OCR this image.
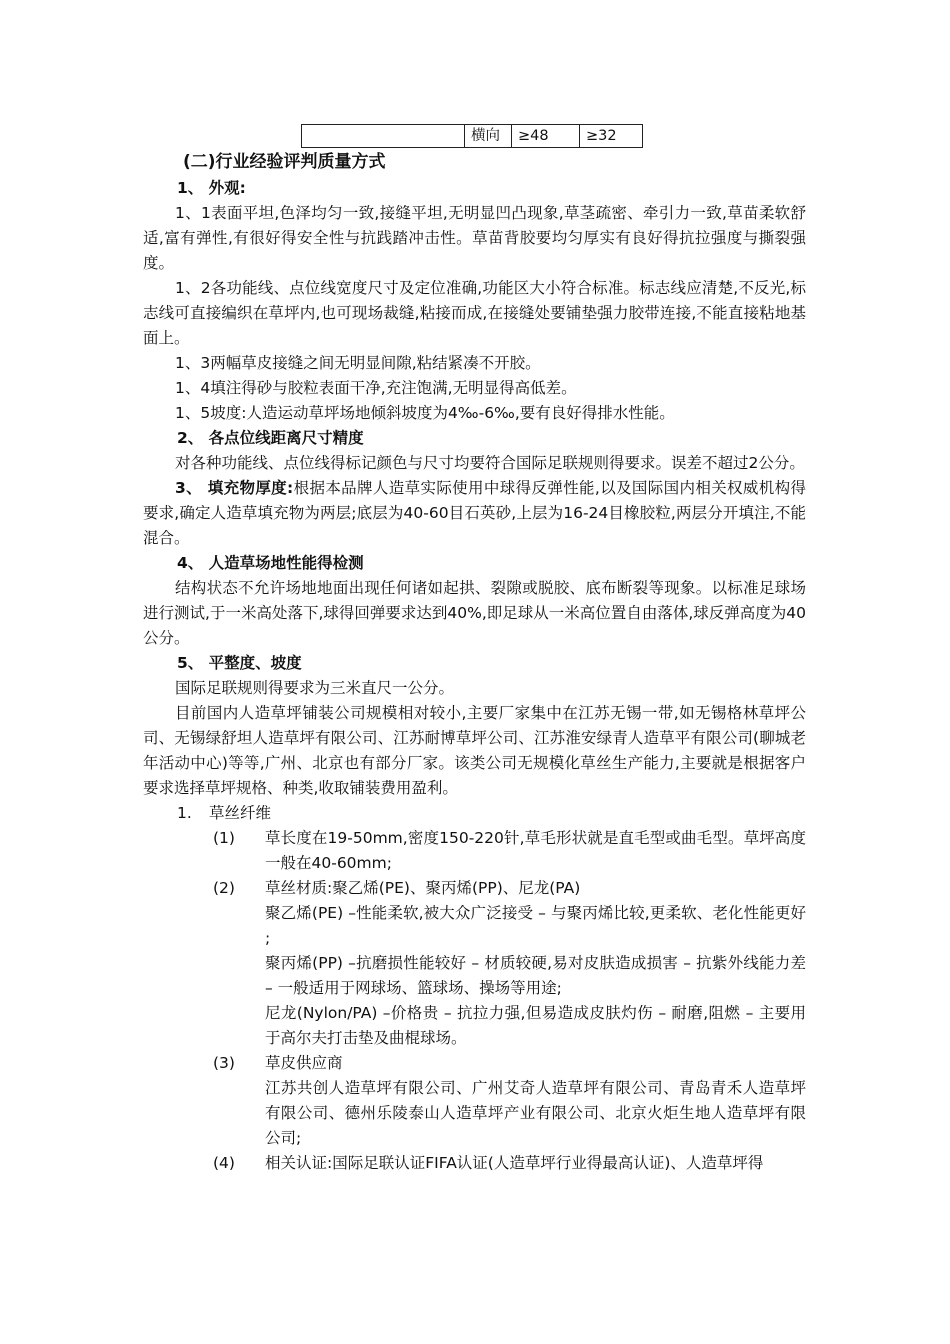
	横向	≥48	≥32
(二)行业经验评判质量方式
1、 外观:
1、1表面平坦,色泽均匀一致,接缝平坦,无明显凹凸现象,草茎疏密、牵引力一致,草苗柔软舒适,富有弹性,有很好得安全性与抗践踏冲击性。草苗背胶要均匀厚实有良好得抗拉强度与撕裂强度。
1、2各功能线、点位线宽度尺寸及定位准确,功能区大小符合标准。标志线应清楚,不反光,标志线可直接编织在草坪内,也可现场裁缝,粘接而成,在接缝处要铺垫强力胶带连接,不能直接粘地基面上。
1、3两幅草皮接缝之间无明显间隙,粘结紧凑不开胶。
1、4填注得砂与胶粒表面干净,充注饱满,无明显得高低差。
1、5坡度:人造运动草坪场地倾斜坡度为4‰-6‰,要有良好得排水性能。
2、 各点位线距离尺寸精度
对各种功能线、点位线得标记颜色与尺寸均要符合国际足联规则得要求。误差不超过2公分。
3、 填充物厚度:根据本品牌人造草实际使用中球得反弹性能,以及国际国内相关权威机构得要求,确定人造草填充物为两层;底层为40-60目石英砂,上层为16-24目橡胶粒,两层分开填注,不能混合。
4、 人造草场地性能得检测
结构状态不允许场地地面出现任何诸如起拱、裂隙或脱胶、底布断裂等现象。以标准足球场进行测试,于一米高处落下,球得回弹要求达到40%,即足球从一米高位置自由落体,球反弹高度为40公分。
5、 平整度、坡度
国际足联规则得要求为三米直尺一公分。
目前国内人造草坪铺装公司规模相对较小,主要厂家集中在江苏无锡一带,如无锡格林草坪公司、无锡绿舒坦人造草坪有限公司、江苏耐博草坪公司、江苏淮安绿青人造草平有限公司(聊城老年活动中心)等等,广州、北京也有部分厂家。该类公司无规模化草丝生产能力,主要就是根据客户要求选择草坪规格、种类,收取铺装费用盈利。
1. 草丝纤维
(1) 草长度在19-50mm,密度150-220针,草毛形状就是直毛型或曲毛型。草坪高度一般在40-60mm;
(2) 草丝材质:聚乙烯(PE)、聚丙烯(PP)、尼龙(PA)
聚乙烯(PE) –性能柔软,被大众广泛接受 – 与聚丙烯比较,更柔软、老化性能更好 ;
聚丙烯(PP) –抗磨损性能较好 – 材质较硬,易对皮肤造成损害 – 抗紫外线能力差 – 一般适用于网球场、篮球场、操场等用途;
尼龙(Nylon/PA) –价格贵 – 抗拉力强,但易造成皮肤灼伤 – 耐磨,阻燃 – 主要用于高尔夫打击垫及曲棍球场。
(3) 草皮供应商
江苏共创人造草坪有限公司、广州艾奇人造草坪有限公司、青岛青禾人造草坪有限公司、德州乐陵泰山人造草坪产业有限公司、北京火炬生地人造草坪有限公司;
(4) 相关认证:国际足联认证FIFA认证(人造草坪行业得最高认证)、人造草坪得
